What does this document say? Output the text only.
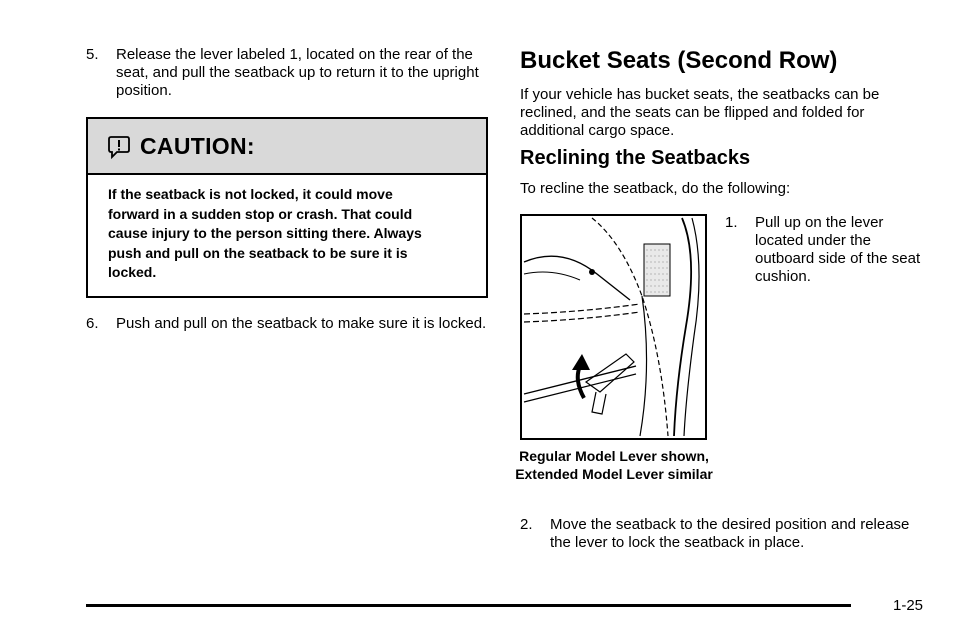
5. Release the lever labeled 1, located on the rear of the seat, and pull the seatback up to return it to the upright position.
CAUTION:
If the seatback is not locked, it could move
forward in a sudden stop or crash. That could
cause injury to the person sitting there. Always
push and pull on the seatback to be sure it is
locked.
6. Push and pull on the seatback to make sure it is locked.
Bucket Seats (Second Row)
If your vehicle has bucket seats, the seatbacks can be reclined, and the seats can be flipped and folded for additional cargo space.
Reclining the Seatbacks
To recline the seatback, do the following:
1. Pull up on the lever located under the outboard side of the seat cushion.
Regular Model Lever shown, Extended Model Lever similar
2. Move the seatback to the desired position and release the lever to lock the seatback in place.
1-25
